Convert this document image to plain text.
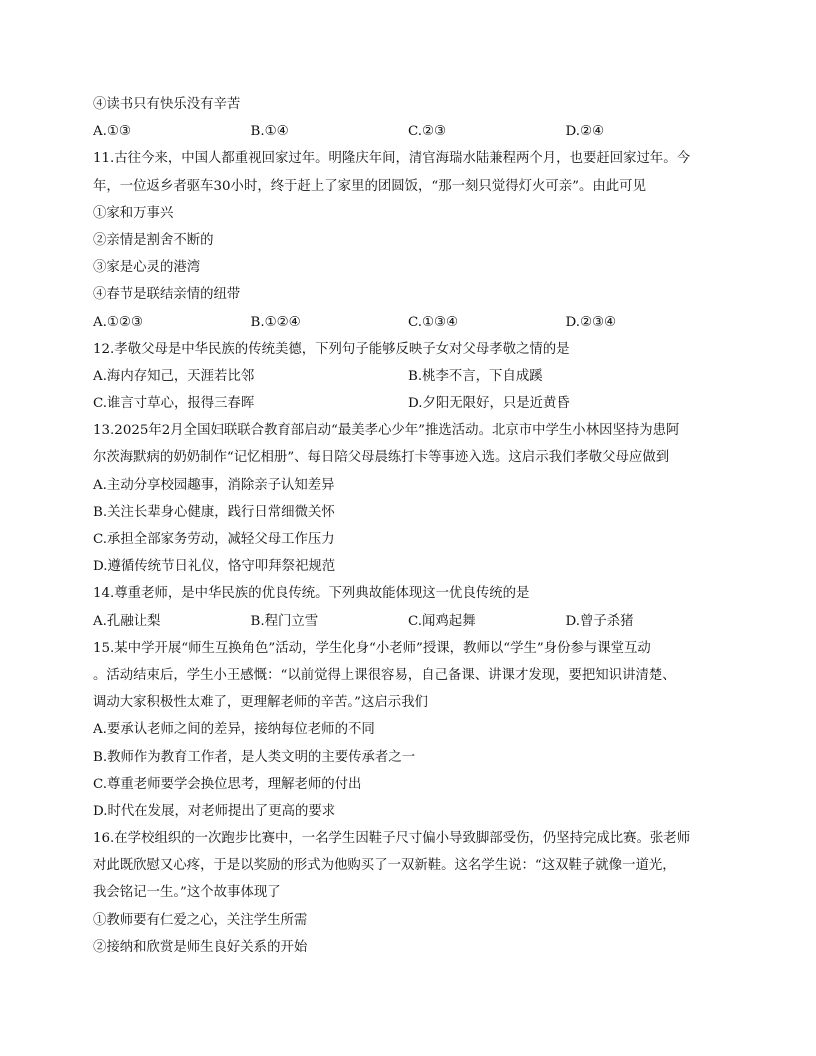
④读书只有快乐没有辛苦
A.①③	B.①④	C.②③	D.②④
11.古往今来，中国人都重视回家过年。明隆庆年间，清官海瑞水陆兼程两个月，也要赶回家过年。今
年，一位返乡者驱车30小时，终于赶上了家里的团圆饭，“那一刻只觉得灯火可亲”。由此可见
①家和万事兴
②亲情是割舍不断的
③家是心灵的港湾
④春节是联结亲情的纽带
A.①②③	B.①②④	C.①③④	D.②③④
12.孝敬父母是中华民族的传统美德，下列句子能够反映子女对父母孝敬之情的是
A.海内存知己，天涯若比邻	B.桃李不言，下自成蹊
C.谁言寸草心，报得三春晖	D.夕阳无限好，只是近黄昏
13.2025年2月全国妇联联合教育部启动“最美孝心少年”推选活动。北京市中学生小林因坚持为患阿
尔茨海默病的奶奶制作“记忆相册”、每日陪父母晨练打卡等事迹入选。这启示我们孝敬父母应做到
A.主动分享校园趣事，消除亲子认知差异
B.关注长辈身心健康，践行日常细微关怀
C.承担全部家务劳动，减轻父母工作压力
D.遵循传统节日礼仪，恪守叩拜祭祀规范
14.尊重老师，是中华民族的优良传统。下列典故能体现这一优良传统的是
A.孔融让梨	B.程门立雪	C.闻鸡起舞	D.曾子杀猪
15.某中学开展“师生互换角色”活动，学生化身“小老师”授课，教师以“学生”身份参与课堂互动
。活动结束后，学生小王感慨：“以前觉得上课很容易，自己备课、讲课才发现，要把知识讲清楚、
调动大家积极性太难了，更理解老师的辛苦。”这启示我们
A.要承认老师之间的差异，接纳每位老师的不同
B.教师作为教育工作者，是人类文明的主要传承者之一
C.尊重老师要学会换位思考，理解老师的付出
D.时代在发展，对老师提出了更高的要求
16.在学校组织的一次跑步比赛中，一名学生因鞋子尺寸偏小导致脚部受伤，仍坚持完成比赛。张老师
对此既欣慰又心疼，于是以奖励的形式为他购买了一双新鞋。这名学生说：“这双鞋子就像一道光，
我会铭记一生。”这个故事体现了
①教师要有仁爱之心，关注学生所需
②接纳和欣赏是师生良好关系的开始
